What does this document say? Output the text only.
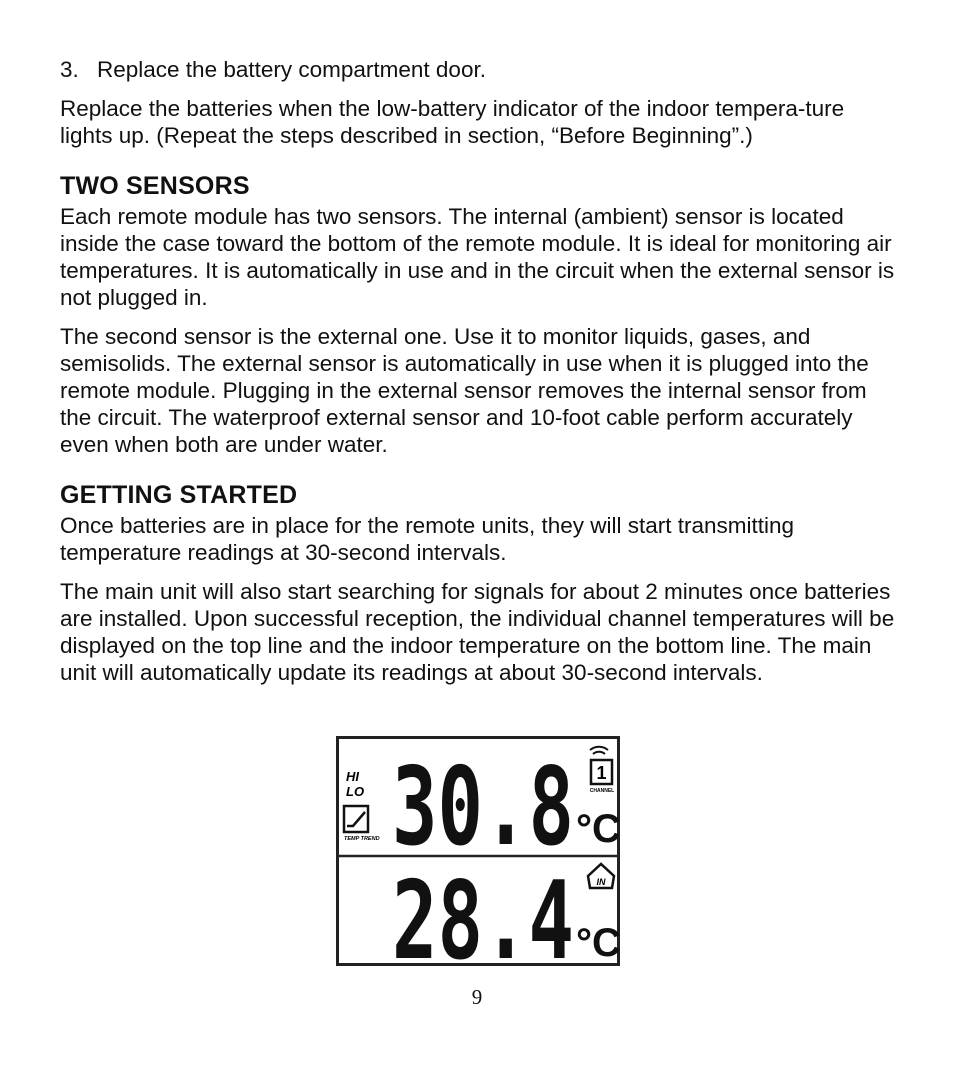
3. Replace the battery compartment door.

Replace the batteries when the low-battery indicator of the indoor tempera-ture lights up. (Repeat the steps described in section, “Before Beginning”.)

TWO SENSORS

Each remote module has two sensors. The internal (ambient) sensor is located inside the case toward the bottom of the remote module. It is ideal for monitoring air temperatures. It is automatically in use and in the circuit when the external sensor is not plugged in.

The second sensor is the external one. Use it to monitor liquids, gases, and semisolids. The external sensor is automatically in use when it is plugged into the remote module. Plugging in the external sensor removes the internal sensor from the circuit. The waterproof external sensor and 10-foot cable perform accurately even when both are under water.

GETTING STARTED

Once batteries are in place for the remote units, they will start transmitting temperature readings at 30-second intervals.

The main unit will also start searching for signals for about 2 minutes once batteries are installed. Upon successful reception, the individual channel temperatures will be displayed on the top line and the indoor temperature on the bottom line. The main unit will automatically update its readings at about 30-second intervals.

HI
LO
TEMP TREND 30.8 °C
1
CHANNEL
28.4 °C
IN
9
